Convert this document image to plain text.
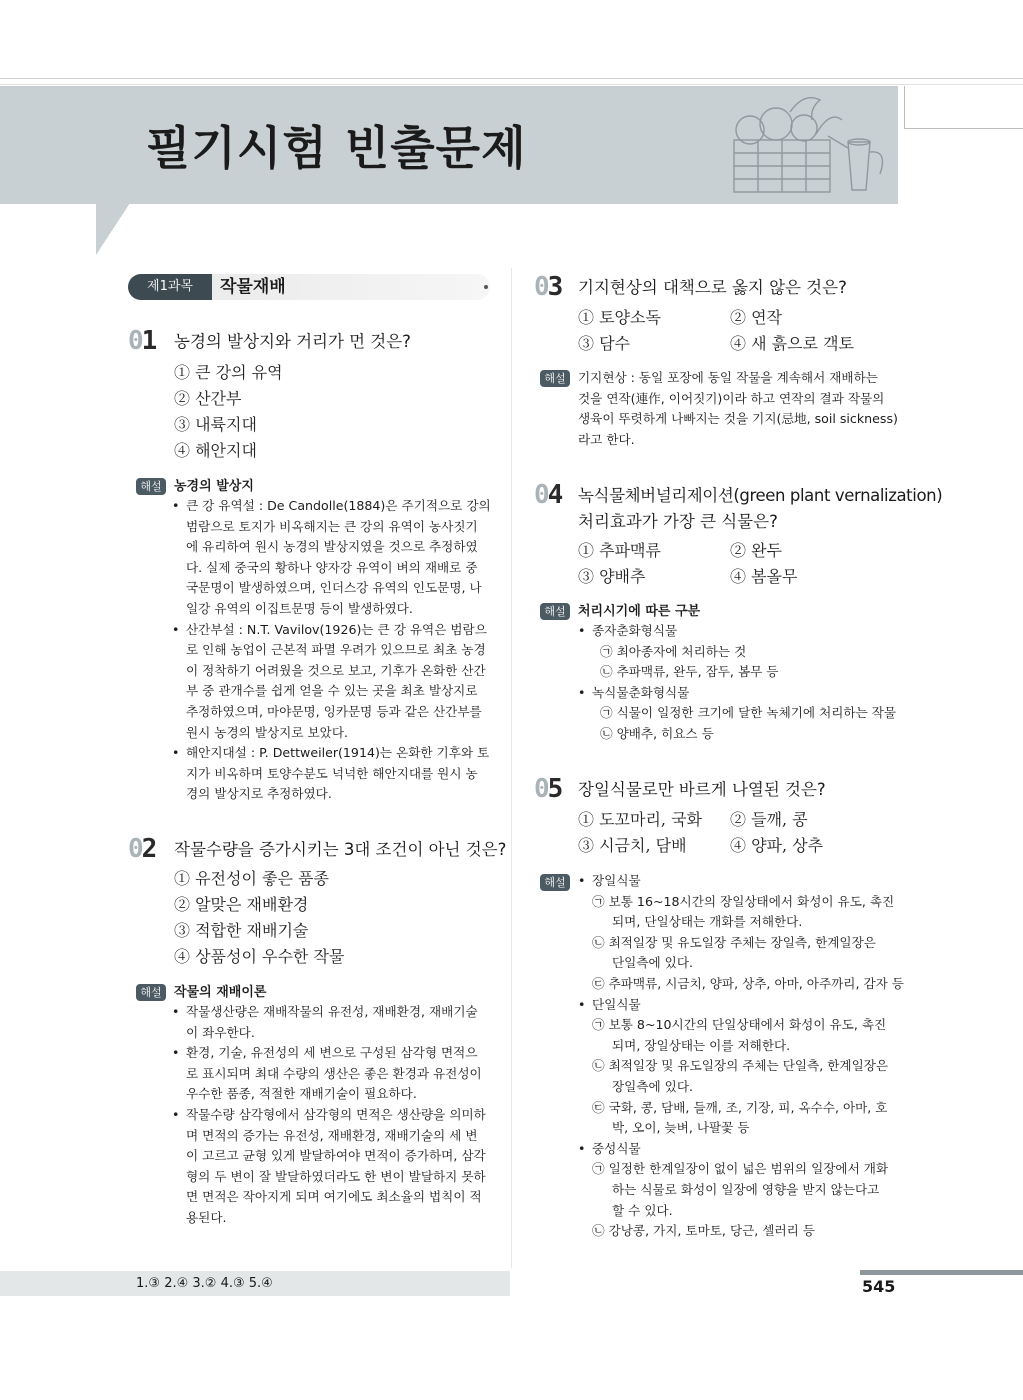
필기시험 빈출문제
제1과목	작물재배
01 농경의 발상지와 거리가 먼 것은?
① 큰 강의 유역
② 산간부
③ 내륙지대
④ 해안지대
해설 농경의 발상지
• 큰 강 유역설 : De Candolle(1884)은 주기적으로 강의
범람으로 토지가 비옥해지는 큰 강의 유역이 농사짓기
에 유리하여 원시 농경의 발상지였을 것으로 추정하였
다. 실제 중국의 황하나 양자강 유역이 벼의 재배로 중
국문명이 발생하였으며, 인더스강 유역의 인도문명, 나
일강 유역의 이집트문명 등이 발생하였다.
• 산간부설 : N.T. Vavilov(1926)는 큰 강 유역은 범람으
로 인해 농업이 근본적 파멸 우려가 있으므로 최초 농경
이 정착하기 어려웠을 것으로 보고, 기후가 온화한 산간
부 중 관개수를 쉽게 얻을 수 있는 곳을 최초 발상지로
추정하였으며, 마야문명, 잉카문명 등과 같은 산간부를
원시 농경의 발상지로 보았다.
• 해안지대설 : P. Dettweiler(1914)는 온화한 기후와 토
지가 비옥하며 토양수분도 넉넉한 해안지대를 원시 농
경의 발상지로 추정하였다.
02 작물수량을 증가시키는 3대 조건이 아닌 것은?
① 유전성이 좋은 품종
② 알맞은 재배환경
③ 적합한 재배기술
④ 상품성이 우수한 작물
해설 작물의 재배이론
• 작물생산량은 재배작물의 유전성, 재배환경, 재배기술
이 좌우한다.
• 환경, 기술, 유전성의 세 변으로 구성된 삼각형 면적으
로 표시되며 최대 수량의 생산은 좋은 환경과 유전성이
우수한 품종, 적절한 재배기술이 필요하다.
• 작물수량 삼각형에서 삼각형의 면적은 생산량을 의미하
며 면적의 증가는 유전성, 재배환경, 재배기술의 세 변
이 고르고 균형 있게 발달하여야 면적이 증가하며, 삼각
형의 두 변이 잘 발달하였더라도 한 변이 발달하지 못하
면 면적은 작아지게 되며 여기에도 최소율의 법칙이 적
용된다.
03 기지현상의 대책으로 옳지 않은 것은?
① 토양소독	② 연작
③ 담수	④ 새 흙으로 객토
해설 기지현상 : 동일 포장에 동일 작물을 계속해서 재배하는
것을 연작(連作, 이어짓기)이라 하고 연작의 결과 작물의
생육이 뚜렷하게 나빠지는 것을 기지(忌地, soil sickness)
라고 한다.
04 녹식물체버널리제이션(green plant vernalization)
처리효과가 가장 큰 식물은?
① 추파맥류	② 완두
③ 양배추	④ 봄올무
해설 처리시기에 따른 구분
• 종자춘화형식물
㉠ 최아종자에 처리하는 것
㉡ 추파맥류, 완두, 잠두, 봄무 등
• 녹식물춘화형식물
㉠ 식물이 일정한 크기에 달한 녹체기에 처리하는 작물
㉡ 양배추, 히요스 등
05 장일식물로만 바르게 나열된 것은?
① 도꼬마리, 국화 ② 들깨, 콩
③ 시금치, 담배	④ 양파, 상추
해설
•	장일식물
㉠ 보통 16~18시간의 장일상태에서 화성이 유도, 촉진
되며, 단일상태는 개화를 저해한다.
㉡ 최적일장 및 유도일장 주체는 장일측, 한계일장은
단일측에 있다.
㉢ 추파맥류, 시금치, 양파, 상추, 아마, 아주까리, 감자 등
• 단일식물
㉠ 보통 8~10시간의 단일상태에서 화성이 유도, 촉진
되며, 장일상태는 이를 저해한다.
㉡ 최적일장 및 유도일장의 주체는 단일측, 한계일장은
장일측에 있다.
㉢ 국화, 콩, 담배, 들깨, 조, 기장, 피, 옥수수, 아마, 호
박, 오이, 늦벼, 나팔꽃 등
• 중성식물
㉠ 일정한 한계일장이 없이 넓은 범위의 일장에서 개화
하는 식물로 화성이 일장에 영향을 받지 않는다고
할 수 있다.
㉡ 강낭콩, 가지, 토마토, 당근, 셀러리 등
1.③ 2.④ 3.② 4.③ 5.④	545
